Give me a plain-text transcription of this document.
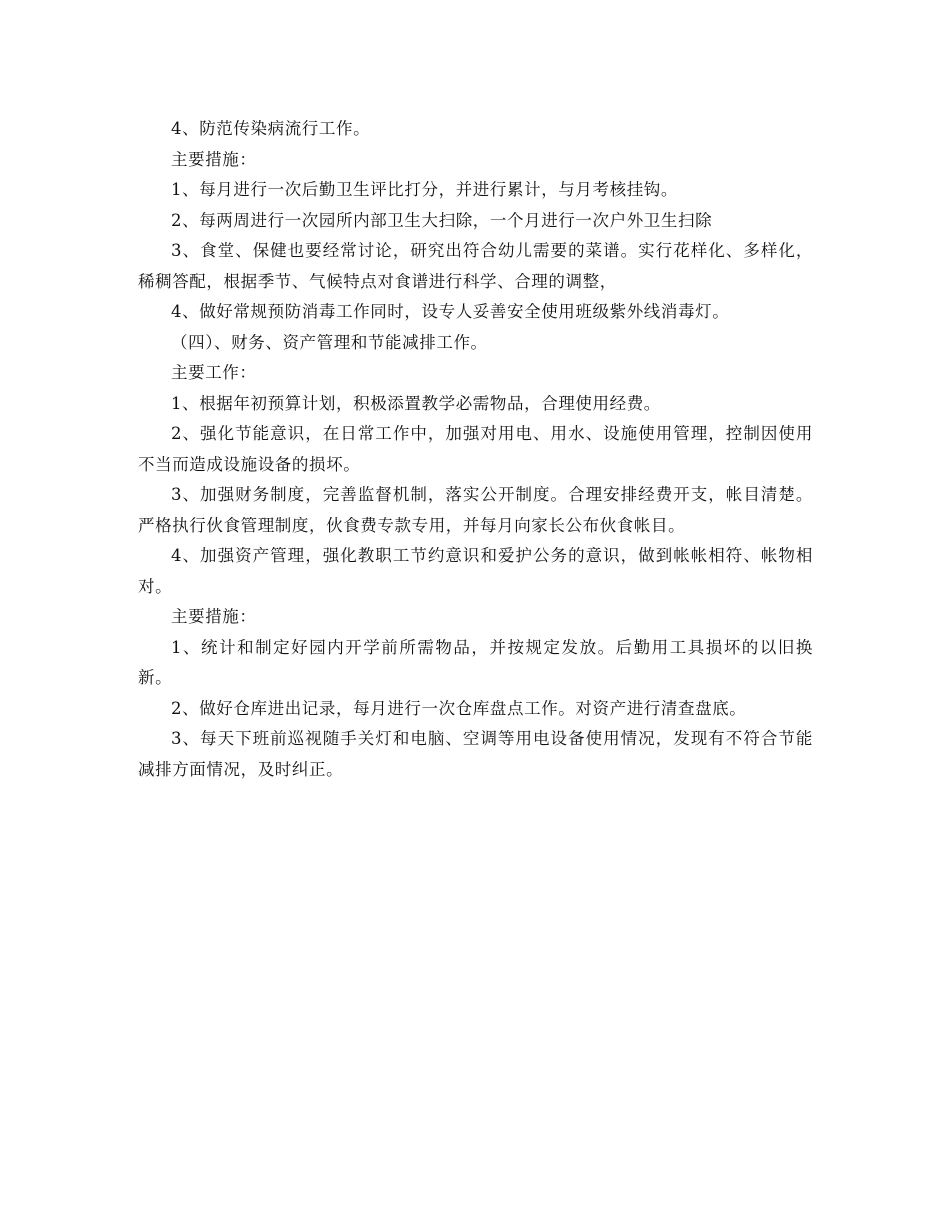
4、防范传染病流行工作。

主要措施：

1、每月进行一次后勤卫生评比打分，并进行累计，与月考核挂钩。

2、每两周进行一次园所内部卫生大扫除，一个月进行一次户外卫生扫除

3、食堂、保健也要经常讨论，研究出符合幼儿需要的菜谱。实行花样化、多样化，稀稠答配，根据季节、气候特点对食谱进行科学、合理的调整，

4、做好常规预防消毒工作同时，设专人妥善安全使用班级紫外线消毒灯。

（四）、财务、资产管理和节能减排工作。

主要工作：

1、根据年初预算计划，积极添置教学必需物品，合理使用经费。

2、强化节能意识，在日常工作中，加强对用电、用水、设施使用管理，控制因使用不当而造成设施设备的损坏。

3、加强财务制度，完善监督机制，落实公开制度。合理安排经费开支，帐目清楚。严格执行伙食管理制度，伙食费专款专用，并每月向家长公布伙食帐目。

4、加强资产管理，强化教职工节约意识和爱护公务的意识，做到帐帐相符、帐物相对。

主要措施：

1、统计和制定好园内开学前所需物品，并按规定发放。后勤用工具损坏的以旧换新。

2、做好仓库进出记录，每月进行一次仓库盘点工作。对资产进行清查盘底。

3、每天下班前巡视随手关灯和电脑、空调等用电设备使用情况，发现有不符合节能减排方面情况，及时纠正。
